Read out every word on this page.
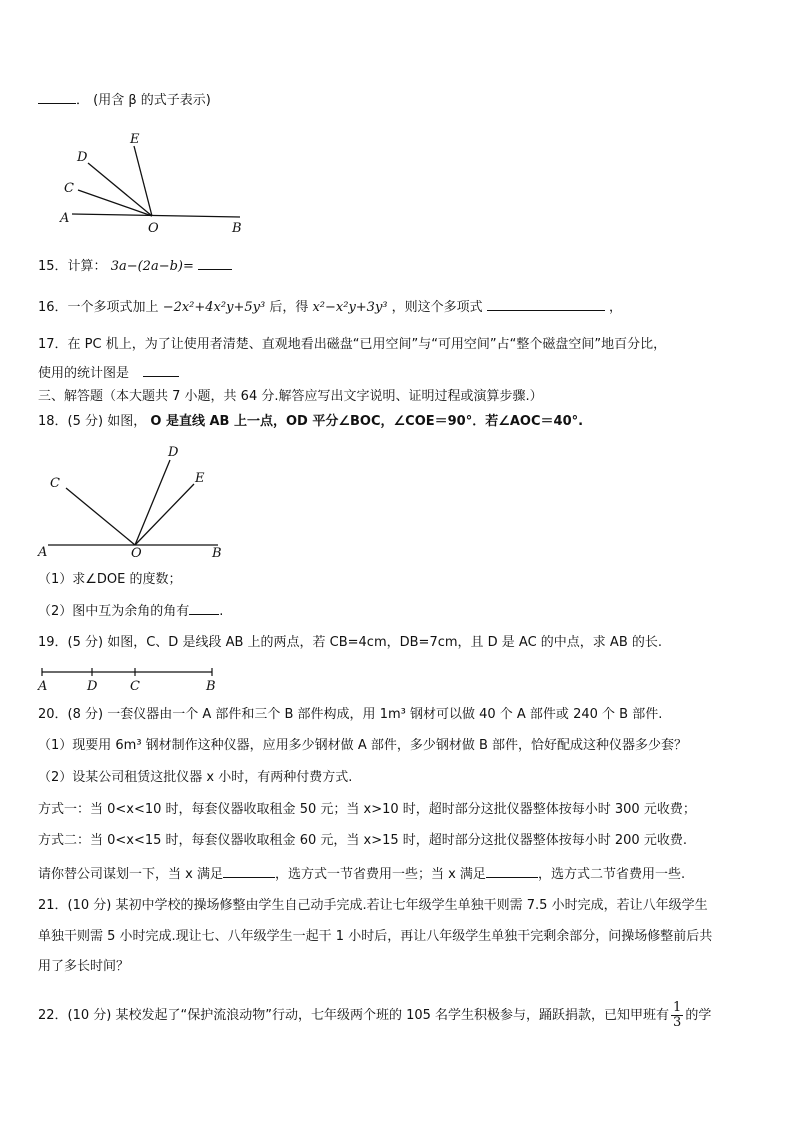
． (用含 β 的式子表示)
E
D
C
A
O	B
15．计算： 3a−(2a−b)=
16．一个多项式加上 −2x²+4x²y+5y³ 后，得 x²−x²y+3y³ ，则这个多项式	，
17．在 PC 机上，为了让使用者清楚、直观地看出磁盘“已用空间”与“可用空间”占“整个磁盘空间”地百分比，
使用的统计图是
三、解答题（本大题共 7 小题，共 64 分.解答应写出文字说明、证明过程或演算步骤.）
18．(5 分) 如图， O 是直线 AB 上一点，OD 平分∠BOC，∠COE＝90°．若∠AOC＝40°.
D
C	E
A	O	B
（1）求∠DOE 的度数；
（2）图中互为余角的角有 .
19．(5 分) 如图，C、D 是线段 AB 上的两点，若 CB=4cm，DB=7cm，且 D 是 AC 的中点，求 AB 的长.
A	D	C	B
20．(8 分) 一套仪器由一个 A 部件和三个 B 部件构成，用 1m³ 钢材可以做 40 个 A 部件或 240 个 B 部件.
（1）现要用 6m³ 钢材制作这种仪器，应用多少钢材做 A 部件，多少钢材做 B 部件，恰好配成这种仪器多少套？
（2）设某公司租赁这批仪器 x 小时，有两种付费方式.
方式一：当 0<x<10 时，每套仪器收取租金 50 元；当 x>10 时，超时部分这批仪器整体按每小时 300 元收费；
方式二：当 0<x<15 时，每套仪器收取租金 60 元，当 x>15 时，超时部分这批仪器整体按每小时 200 元收费.
请你替公司谋划一下，当 x 满足	，选方式一节省费用一些；当 x 满足	，选方式二节省费用一些.
21．(10 分) 某初中学校的操场修整由学生自己动手完成.若让七年级学生单独干则需 7.5 小时完成，若让八年级学生
单独干则需 5 小时完成.现让七、八年级学生一起干 1 小时后，再让八年级学生单独干完剩余部分，问操场修整前后共
用了多长时间？
22．(10 分) 某校发起了“保护流浪动物”行动，七年级两个班的 105 名学生积极参与，踊跃捐款，已知甲班有 $\frac{1}{3}$ 的学
